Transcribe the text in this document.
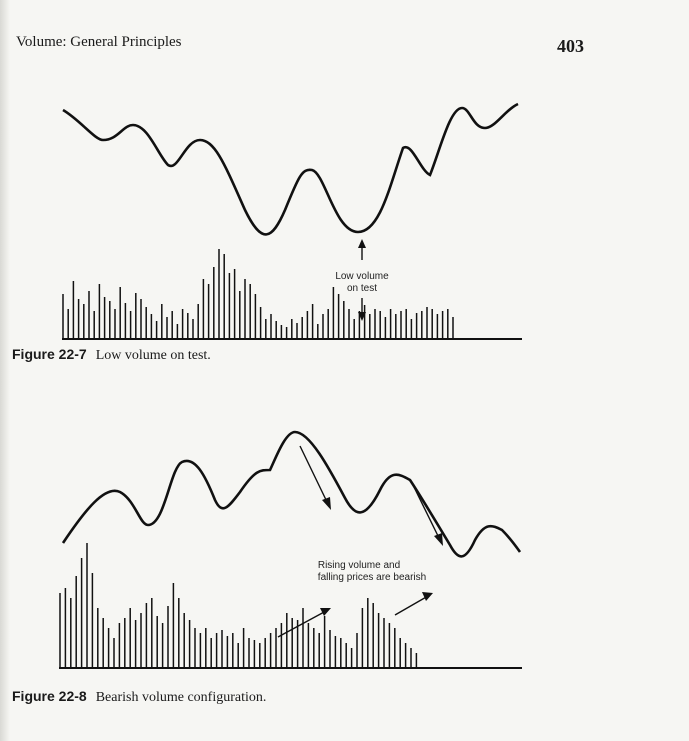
Volume: General Principles	403
Low volume
on test
Rising volume and
falling prices are bearish
Figure 22-7 Low volume on test.
Figure 22-8 Bearish volume configuration.
